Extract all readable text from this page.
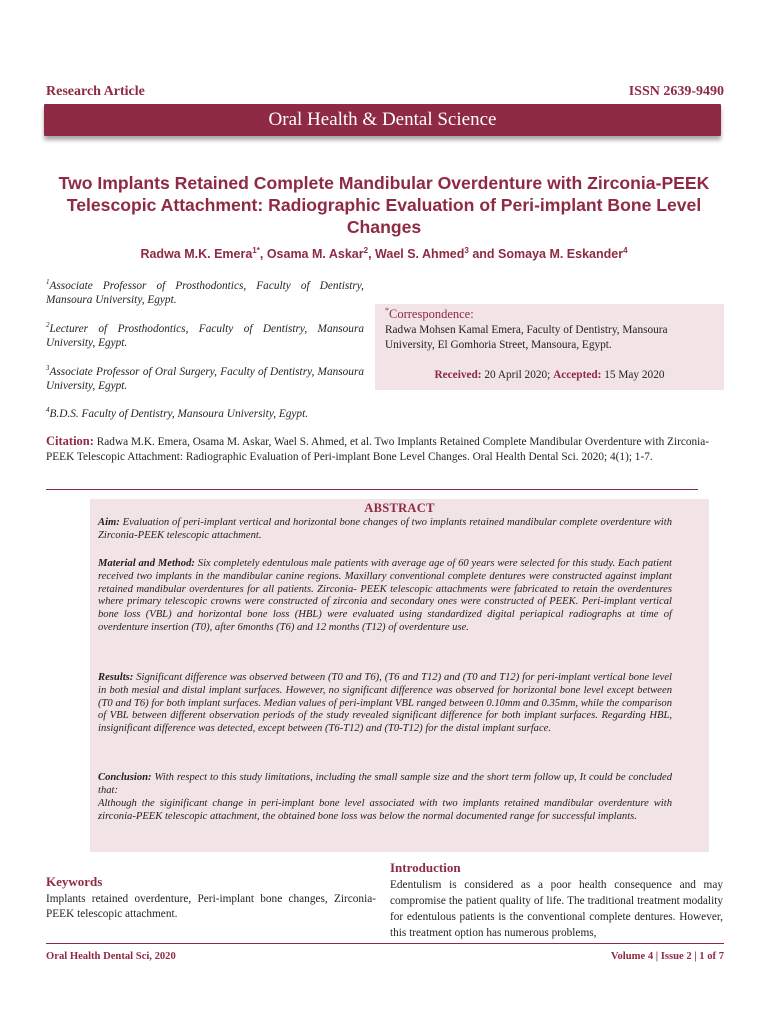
Research Article	ISSN 2639-9490
Oral Health & Dental Science
Two Implants Retained Complete Mandibular Overdenture with Zirconia-PEEK Telescopic Attachment: Radiographic Evaluation of Peri-implant Bone Level Changes
Radwa M.K. Emera$^{1*}$, Osama M. Askar$^2$, Wael S. Ahmed$^3$ and Somaya M. Eskander$^4$
$^1$Associate Professor of Prosthodontics, Faculty of Dentistry, Mansoura University, Egypt.
$^2$Lecturer of Prosthodontics, Faculty of Dentistry, Mansoura University, Egypt.
$^3$Associate Professor of Oral Surgery, Faculty of Dentistry, Mansoura University, Egypt.
$^4$B.D.S. Faculty of Dentistry, Mansoura University, Egypt.
*Correspondence:
Radwa Mohsen Kamal Emera, Faculty of Dentistry, Mansoura University, El Gomhoria Street, Mansoura, Egypt.
Received: 20 April 2020; Accepted: 15 May 2020
Citation: Radwa M.K. Emera, Osama M. Askar, Wael S. Ahmed, et al. Two Implants Retained Complete Mandibular Overdenture with Zirconia-PEEK Telescopic Attachment: Radiographic Evaluation of Peri-implant Bone Level Changes. Oral Health Dental Sci. 2020; 4(1); 1-7.
ABSTRACT
Aim: Evaluation of peri-implant vertical and horizontal bone changes of two implants retained mandibular complete overdenture with Zirconia-PEEK telescopic attachment.
Material and Method: Six completely edentulous male patients with average age of 60 years were selected for this study. Each patient received two implants in the mandibular canine regions. Maxillary conventional complete dentures were constructed against implant retained mandibular overdentures for all patients. Zirconia- PEEK telescopic attachments were fabricated to retain the overdentures where primary telescopic crowns were constructed of zirconia and secondary ones were constructed of PEEK. Peri-implant vertical bone loss (VBL) and horizontal bone loss (HBL) were evaluated using standardized digital periapical radiographs at time of overdenture insertion (T0), after 6months (T6) and 12 months (T12) of overdenture use.
Results: Significant difference was observed between (T0 and T6), (T6 and T12) and (T0 and T12) for peri-implant vertical bone level in both mesial and distal implant surfaces. However, no significant difference was observed for horizontal bone level except between (T0 and T6) for both implant surfaces. Median values of peri-implant VBL ranged between 0.10mm and 0.35mm, while the comparison of VBL between different observation periods of the study revealed significant difference for both implant surfaces. Regarding HBL, insignificant difference was detected, except between (T6-T12) and (T0-T12) for the distal implant surface.
Conclusion: With respect to this study limitations, including the small sample size and the short term follow up, It could be concluded that:
Although the siginificant change in peri-implant bone level associated with two implants retained mandibular overdenture with zirconia-PEEK telescopic attachment, the obtained bone loss was below the normal documented range for successful implants.
Keywords
Implants retained overdenture, Peri-implant bone changes, Zirconia-PEEK telescopic attachment.
Introduction
Edentulism is considered as a poor health consequence and may compromise the patient quality of life. The traditional treatment modality for edentulous patients is the conventional complete dentures. However, this treatment option has numerous problems,
Oral Health Dental Sci, 2020	Volume 4 | Issue 2 | 1 of 7
